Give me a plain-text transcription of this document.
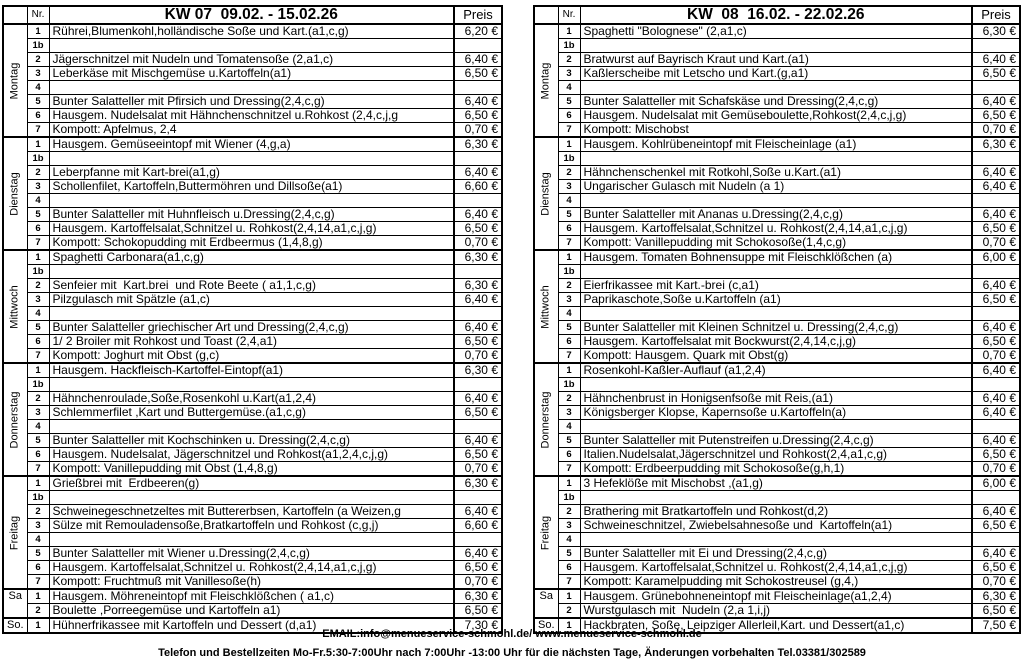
	Nr.	KW 07  09.02. - 15.02.26	Preis

Montag	1	Rührei,Blumenkohl,holländische Soße und Kart.(a1,c,g)	6,20 €
	1b		
	2	Jägerschnitzel mit Nudeln und Tomatensoße (2,a1,c)	6,40 €
	3	Leberkäse mit Mischgemüse u.Kartoffeln(a1)	6,50 €
	4		
	5	Bunter Salatteller mit Pfirsich und Dressing(2,4,c,g)	6,40 €
	6	Hausgem. Nudelsalat mit Hähnchenschnitzel u.Rohkost (2,4,c,j,g	6,50 €
	7	Kompott: Apfelmus, 2,4	0,70 €

Dienstag	1	Hausgem. Gemüseeintopf mit Wiener (4,g,a)	6,30 €
	1b		
	2	Leberpfanne mit Kart-brei(a1,g)	6,40 €
	3	Schollenfilet, Kartoffeln,Buttermöhren und Dillsoße(a1)	6,60 €
	4		
	5	Bunter Salatteller mit Huhnfleisch u.Dressing(2,4,c,g)	6,40 €
	6	Hausgem. Kartoffelsalat,Schnitzel u. Rohkost(2,4,14,a1,c,j,g)	6,50 €
	7	Kompott: Schokopudding mit Erdbeermus (1,4,8,g)	0,70 €

Mittwoch	1	Spaghetti Carbonara(a1,c,g)	6,30 €
	1b		
	2	Senfeier mit  Kart.brei  und Rote Beete ( a1,1,c,g)	6,30 €
	3	Pilzgulasch mit Spätzle (a1,c)	6,40 €
	4		
	5	Bunter Salatteller griechischer Art und Dressing(2,4,c,g)	6,40 €
	6	1/ 2 Broiler mit Rohkost und Toast (2,4,a1)	6,50 €
	7	Kompott: Joghurt mit Obst (g,c)	0,70 €

Donnerstag	1	Hausgem. Hackfleisch-Kartoffel-Eintopf(a1)	6,30 €
	1b		
	2	Hähnchenroulade,Soße,Rosenkohl u.Kart(a1,2,4)	6,40 €
	3	Schlemmerfilet ,Kart und Buttergemüse.(a1,c,g)	6,50 €
	4		
	5	Bunter Salatteller mit Kochschinken u. Dressing(2,4,c,g)	6,40 €
	6	Hausgem. Nudelsalat, Jägerschnitzel und Rohkost(a1,2,4,c,j,g)	6,50 €
	7	Kompott: Vanillepudding mit Obst (1,4,8,g)	0,70 €

Freitag	1	Grießbrei mit  Erdbeeren(g)	6,30 €
	1b		
	2	Schweinegeschnetzeltes mit Buttererbsen, Kartoffeln (a Weizen,g	6,40 €
	3	Sülze mit Remouladensoße,Bratkartoffeln und Rohkost (c,g,j)	6,60 €
	4		
	5	Bunter Salatteller mit Wiener u.Dressing(2,4,c,g)	6,40 €
	6	Hausgem. Kartoffelsalat,Schnitzel u. Rohkost(2,4,14,a1,c,j,g)	6,50 €
	7	Kompott: Fruchtmuß mit Vanillesoße(h)	0,70 €
Sa	1	Hausgem. Möhreneintopf mit Fleischklößchen ( a1,c)	6,30 €
	2	Boulette ,Porreegemüse und Kartoffeln a1)	6,50 €
So.	1	Hühnerfrikassee mit Kartoffeln und Dessert (d,a1)	7,30 €
	Nr.	KW  08  16.02. - 22.02.26	Preis

Montag	1	Spaghetti "Bolognese" (2,a1,c)	6,30 €
	1b		
	2	Bratwurst auf Bayrisch Kraut und Kart.(a1)	6,40 €
	3	Kaßlerscheibe mit Letscho und Kart.(g,a1)	6,50 €
	4		
	5	Bunter Salatteller mit Schafskäse und Dressing(2,4,c,g)	6,40 €
	6	Hausgem. Nudelsalat mit Gemüseboulette,Rohkost(2,4,c,j,g)	6,50 €
	7	Kompott: Mischobst	0,70 €

Dienstag	1	Hausgem. Kohlrübeneintopf mit Fleischeinlage (a1)	6,30 €
	1b		
	2	Hähnchenschenkel mit Rotkohl,Soße u.Kart.(a1)	6,40 €
	3	Ungarischer Gulasch mit Nudeln (a 1)	6,40 €
	4		
	5	Bunter Salatteller mit Ananas u.Dressing(2,4,c,g)	6,40 €
	6	Hausgem. Kartoffelsalat,Schnitzel u. Rohkost(2,4,14,a1,c,j,g)	6,50 €
	7	Kompott: Vanillepudding mit Schokosoße(1,4,c,g)	0,70 €

Mittwoch	1	Hausgem. Tomaten Bohnensuppe mit Fleischklößchen (a)	6,00 €
	1b		
	2	Eierfrikassee mit Kart.-brei (c,a1)	6,40 €
	3	Paprikaschote,Soße u.Kartoffeln (a1)	6,50 €
	4		
	5	Bunter Salatteller mit Kleinen Schnitzel u. Dressing(2,4,c,g)	6,40 €
	6	Hausgem. Kartoffelsalat mit Bockwurst(2,4,14,c,j,g)	6,50 €
	7	Kompott: Hausgem. Quark mit Obst(g)	0,70 €

Donnerstag	1	Rosenkohl-Kaßler-Auflauf (a1,2,4)	6,40 €
	1b		
	2	Hähnchenbrust in Honigsenfsoße mit Reis,(a1)	6,40 €
	3	Königsberger Klopse, Kapernsoße u.Kartoffeln(a)	6,40 €
	4		
	5	Bunter Salatteller mit Putenstreifen u.Dressing(2,4,c,g)	6,40 €
	6	Italien.Nudelsalat,Jägerschnitzel und Rohkost(2,4,a1,c,g)	6,50 €
	7	Kompott: Erdbeerpudding mit Schokosoße(g,h,1)	0,70 €

Freitag	1	3 Hefeklöße mit Mischobst ,(a1,g)	6,00 €
	1b		
	2	Brathering mit Bratkartoffeln und Rohkost(d,2)	6,40 €
	3	Schweineschnitzel, Zwiebelsahnesoße und  Kartoffeln(a1)	6,50 €
	4		
	5	Bunter Salatteller mit Ei und Dressing(2,4,c,g)	6,40 €
	6	Hausgem. Kartoffelsalat,Schnitzel u. Rohkost(2,4,14,a1,c,j,g)	6,50 €
	7	Kompott: Karamelpudding mit Schokostreusel (g,4,)	0,70 €
Sa	1	Hausgem. Grünebohneneintopf mit Fleischeinlage(a1,2,4)	6,30 €
	2	Wurstgulasch mit  Nudeln (2,a 1,i,j)	6,50 €
So.	1	Hackbraten, Soße, Leipziger Allerleil,Kart. und Dessert(a1,c)	7,50 €
EMAIL:info@menueservice-schmohl.de/ www.menueservice-schmohl.de
Telefon und Bestellzeiten Mo-Fr.5:30-7:00Uhr nach 7:00Uhr -13:00 Uhr für die nächsten Tage, Änderungen vorbehalten Tel.03381/302589
